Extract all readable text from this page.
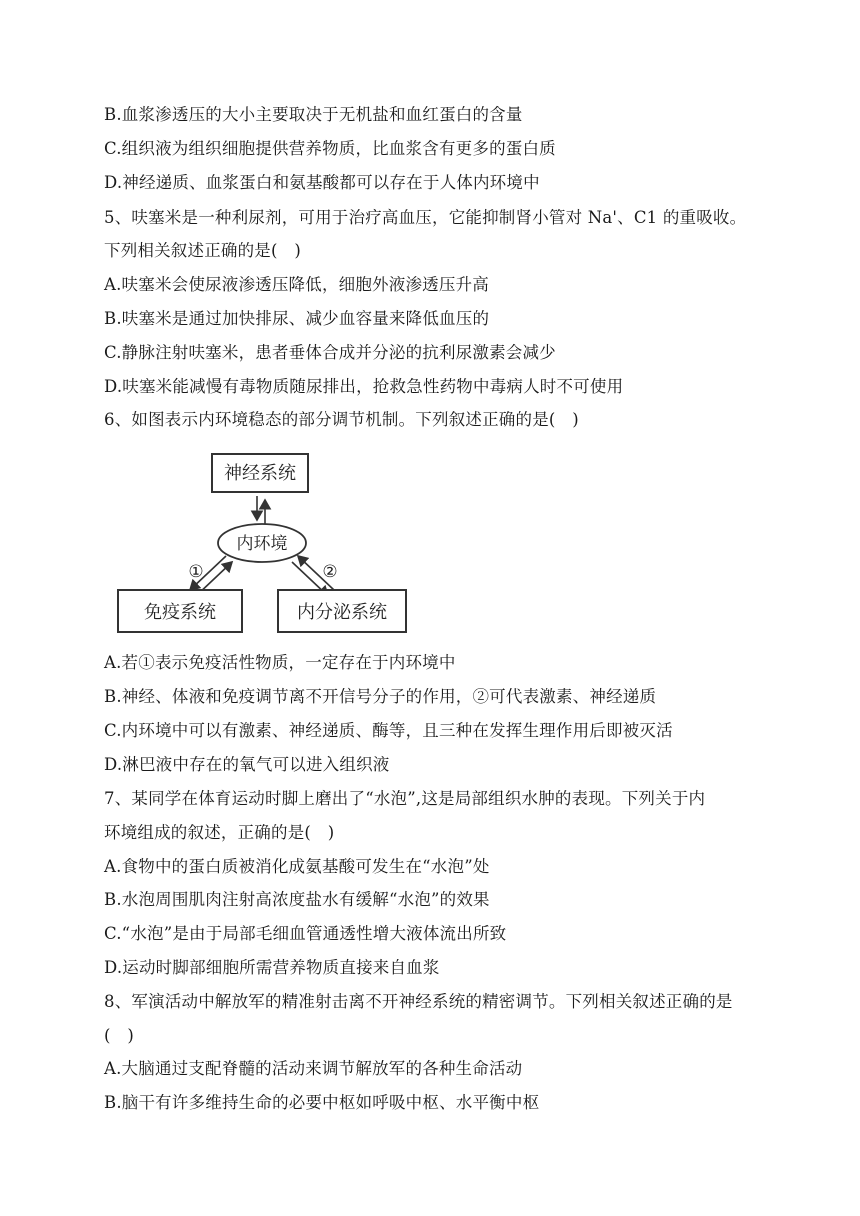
B.血浆渗透压的大小主要取决于无机盐和血红蛋白的含量
C.组织液为组织细胞提供营养物质，比血浆含有更多的蛋白质
D.神经递质、血浆蛋白和氨基酸都可以存在于人体内环境中
5、呋塞米是一种利尿剂，可用于治疗高血压，它能抑制肾小管对 Na'、C1 的重吸收。
下列相关叙述正确的是(　)
A.呋塞米会使尿液渗透压降低，细胞外液渗透压升高
B.呋塞米是通过加快排尿、减少血容量来降低血压的
C.静脉注射呋塞米，患者垂体合成并分泌的抗利尿激素会减少
D.呋塞米能减慢有毒物质随尿排出，抢救急性药物中毒病人时不可使用
6、如图表示内环境稳态的部分调节机制。下列叙述正确的是(　)
神经系统
内环境
①	②
免疫系统	内分泌系统
A.若①表示免疫活性物质，一定存在于内环境中
B.神经、体液和免疫调节离不开信号分子的作用，②可代表激素、神经递质
C.内环境中可以有激素、神经递质、酶等，且三种在发挥生理作用后即被灭活
D.淋巴液中存在的氧气可以进入组织液
7、某同学在体育运动时脚上磨出了“水泡”,这是局部组织水肿的表现。下列关于内
环境组成的叙述，正确的是(　)
A.食物中的蛋白质被消化成氨基酸可发生在“水泡”处
B.水泡周围肌肉注射高浓度盐水有缓解“水泡”的效果
C.“水泡”是由于局部毛细血管通透性增大液体流出所致
D.运动时脚部细胞所需营养物质直接来自血浆
8、军演活动中解放军的精准射击离不开神经系统的精密调节。下列相关叙述正确的是
(　)
A.大脑通过支配脊髓的活动来调节解放军的各种生命活动
B.脑干有许多维持生命的必要中枢如呼吸中枢、水平衡中枢
